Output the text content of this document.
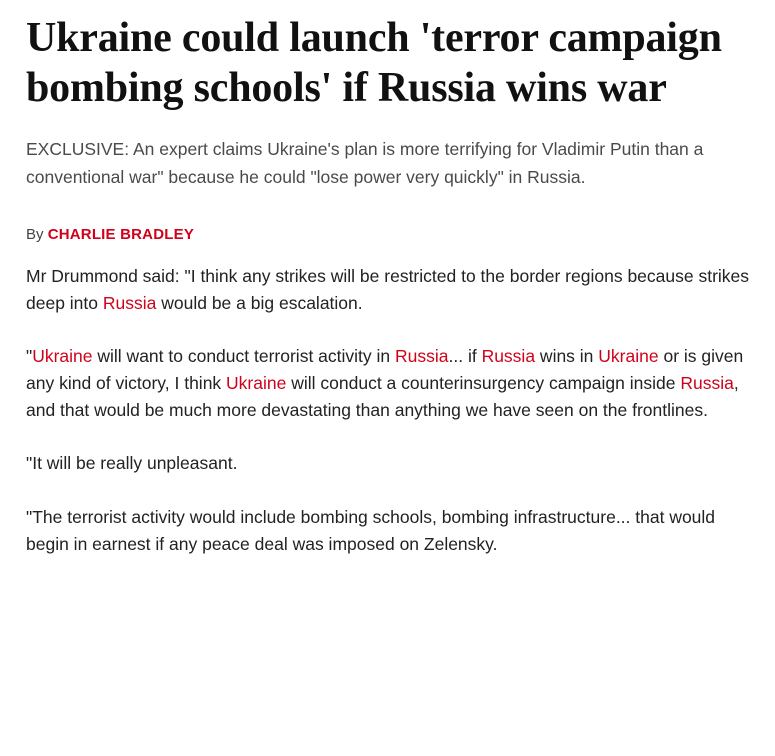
Ukraine could launch 'terror campaign bombing schools' if Russia wins war

EXCLUSIVE: An expert claims Ukraine's plan is more terrifying for Vladimir Putin than a conventional war" because he could "lose power very quickly" in Russia.

By CHARLIE BRADLEY

Mr Drummond said: "I think any strikes will be restricted to the border regions because strikes deep into Russia would be a big escalation.

"Ukraine will want to conduct terrorist activity in Russia... if Russia wins in Ukraine or is given any kind of victory, I think Ukraine will conduct a counterinsurgency campaign inside Russia, and that would be much more devastating than anything we have seen on the frontlines.

"It will be really unpleasant.

"The terrorist activity would include bombing schools, bombing infrastructure... that would begin in earnest if any peace deal was imposed on Zelensky.
